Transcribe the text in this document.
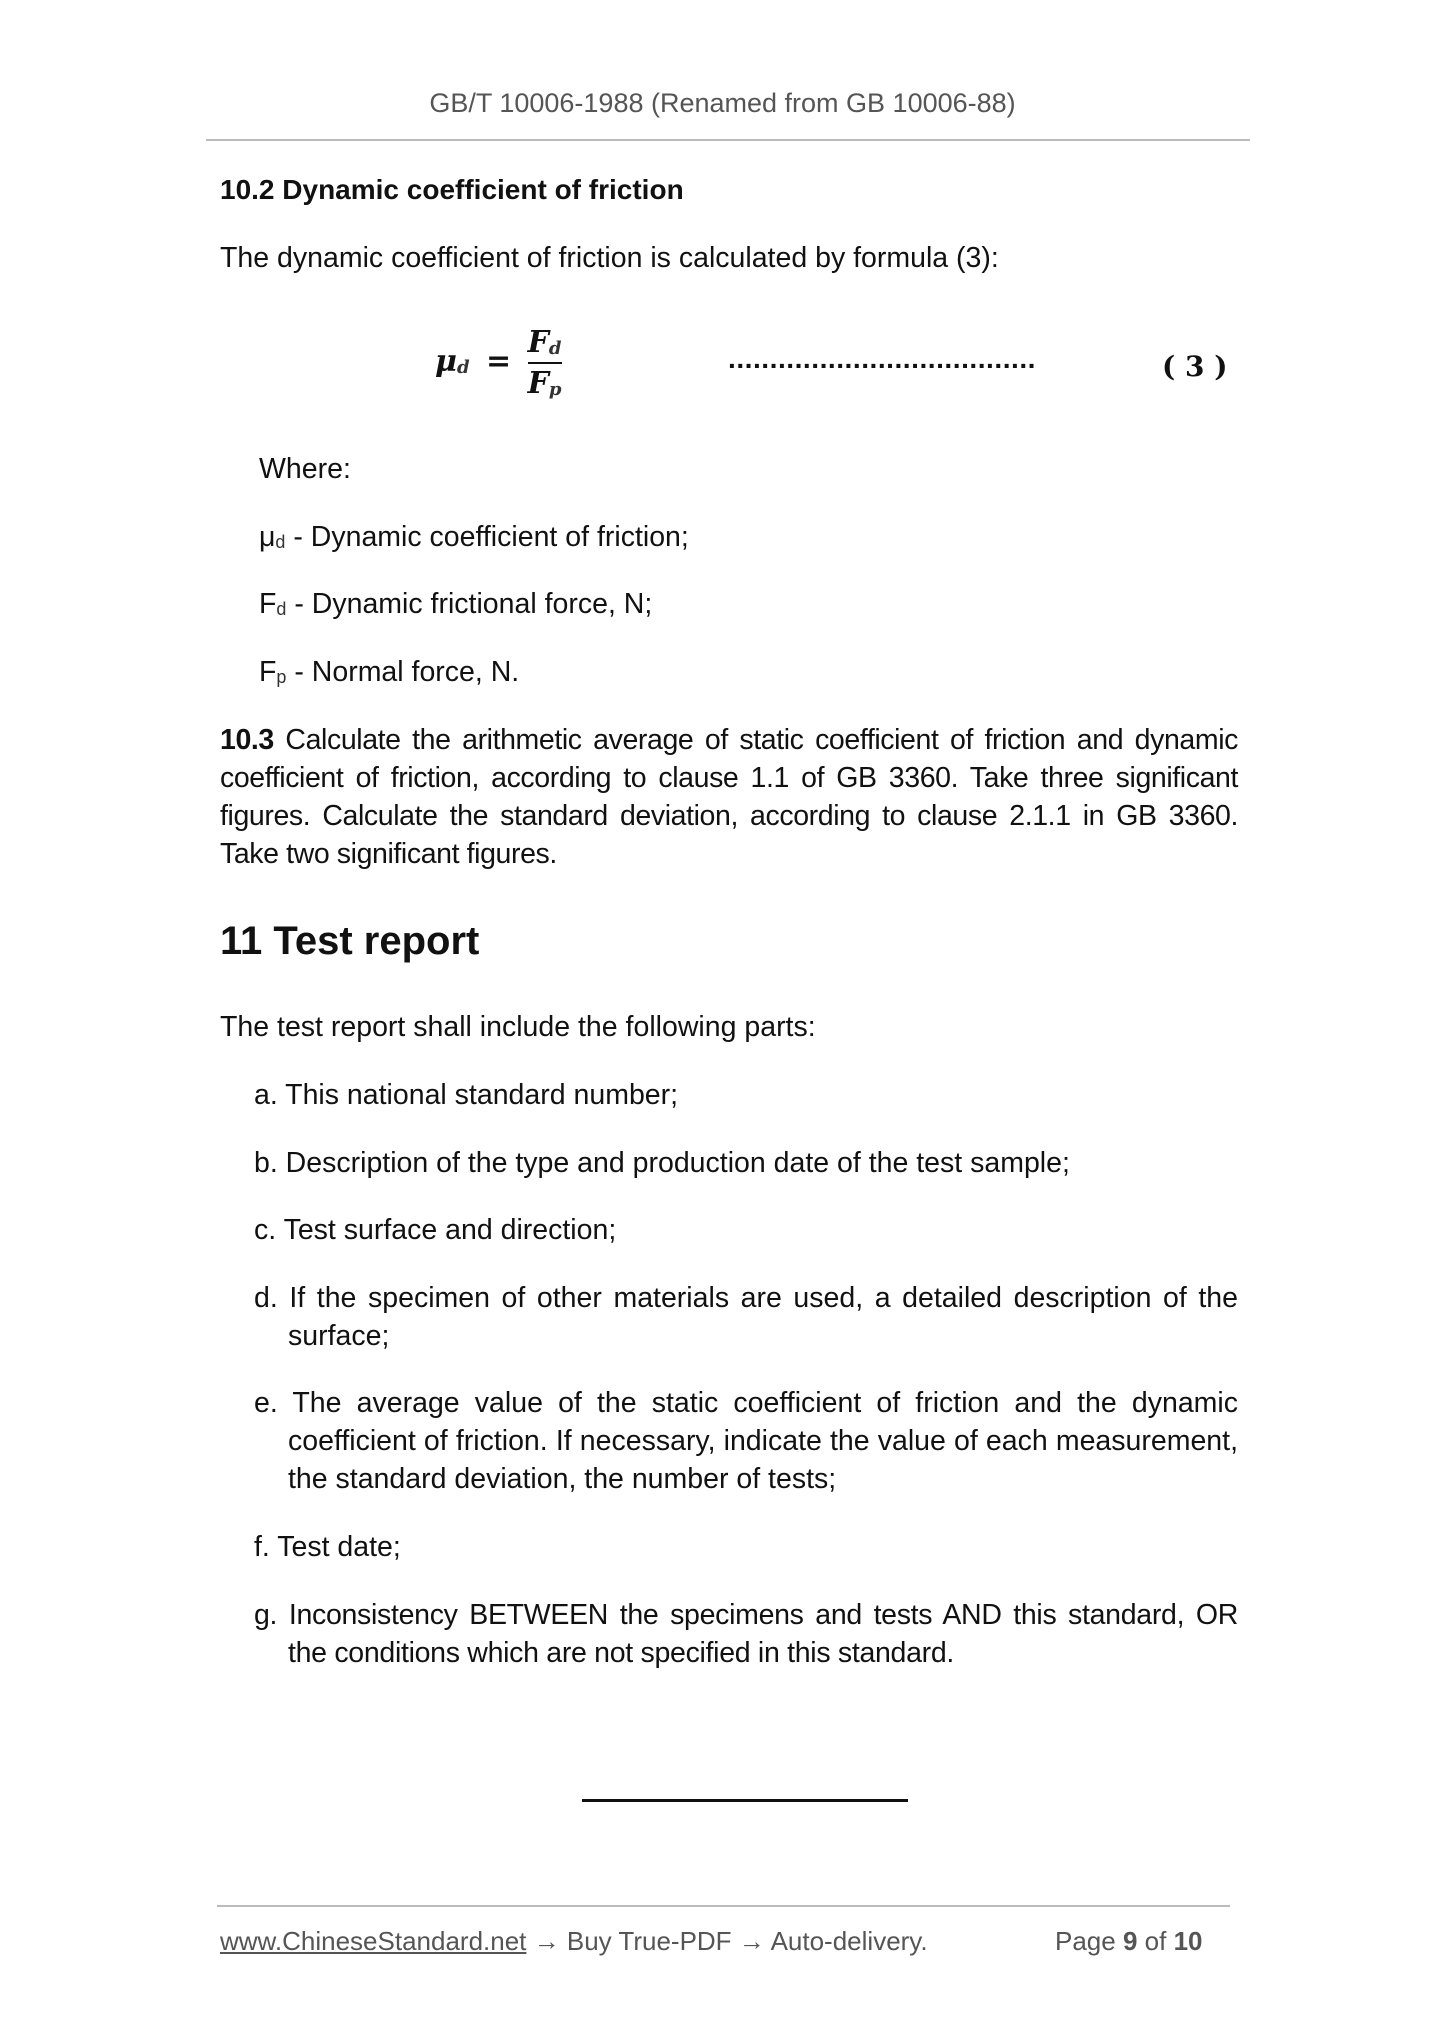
GB/T 10006-1988 (Renamed from GB 10006-88)
10.2 Dynamic coefficient of friction
The dynamic coefficient of friction is calculated by formula (3):
$\mu_d = \frac{F_d}{F_p}$	·····································	( 3 )
Where:
$\mu_d$ - Dynamic coefficient of friction;
$F_d$ - Dynamic frictional force, N;
$F_p$ - Normal force, N.
10.3 Calculate the arithmetic average of static coefficient of friction and dynamic coefficient of friction, according to clause 1.1 of GB 3360. Take three significant figures. Calculate the standard deviation, according to clause 2.1.1 in GB 3360. Take two significant figures.
11 Test report
The test report shall include the following parts:
a. This national standard number;
b. Description of the type and production date of the test sample;
c. Test surface and direction;
d. If the specimen of other materials are used, a detailed description of the surface;
e. The average value of the static coefficient of friction and the dynamic coefficient of friction. If necessary, indicate the value of each measurement, the standard deviation, the number of tests;
f. Test date;
g. Inconsistency BETWEEN the specimens and tests AND this standard, OR the conditions which are not specified in this standard.
www.ChineseStandard.net → Buy True-PDF → Auto-delivery.	Page 9 of 10
